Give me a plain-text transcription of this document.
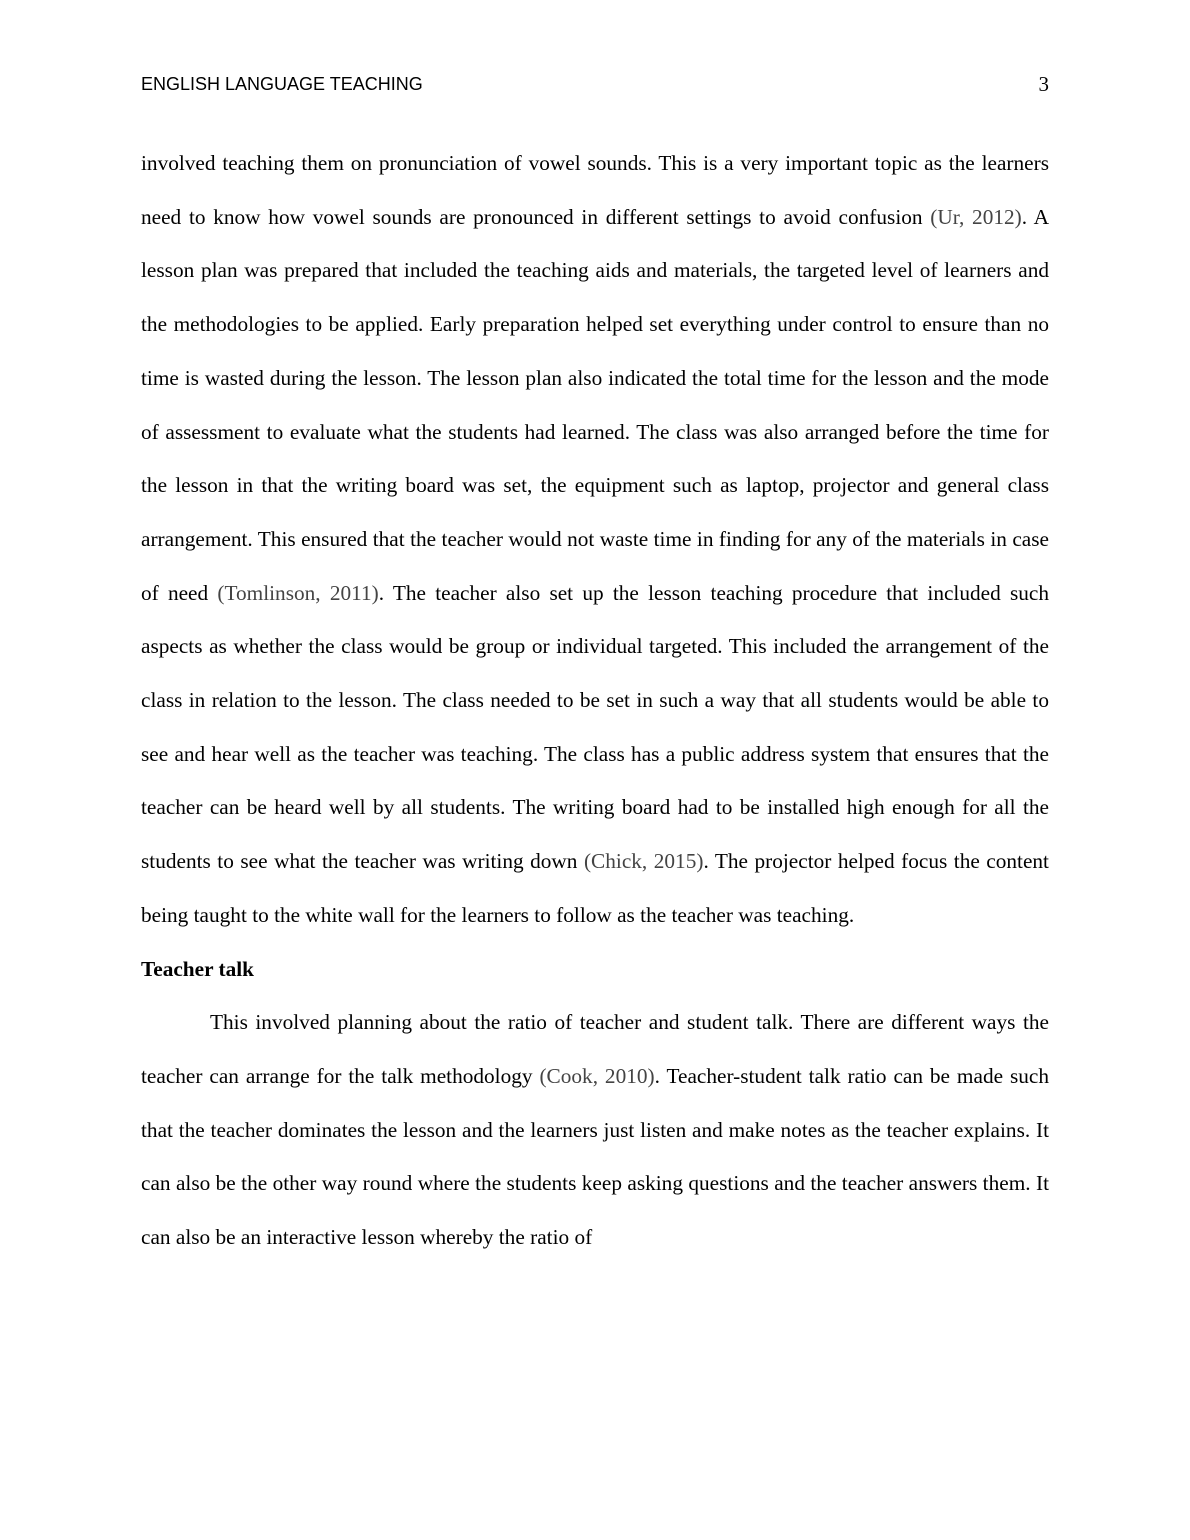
ENGLISH LANGUAGE TEACHING	3

involved teaching them on pronunciation of vowel sounds. This is a very important topic as the learners need to know how vowel sounds are pronounced in different settings to avoid confusion (Ur, 2012). A lesson plan was prepared that included the teaching aids and materials, the targeted level of learners and the methodologies to be applied. Early preparation helped set everything under control to ensure than no time is wasted during the lesson. The lesson plan also indicated the total time for the lesson and the mode of assessment to evaluate what the students had learned. The class was also arranged before the time for the lesson in that the writing board was set, the equipment such as laptop, projector and general class arrangement. This ensured that the teacher would not waste time in finding for any of the materials in case of need (Tomlinson, 2011). The teacher also set up the lesson teaching procedure that included such aspects as whether the class would be group or individual targeted. This included the arrangement of the class in relation to the lesson. The class needed to be set in such a way that all students would be able to see and hear well as the teacher was teaching. The class has a public address system that ensures that the teacher can be heard well by all students. The writing board had to be installed high enough for all the students to see what the teacher was writing down (Chick, 2015). The projector helped focus the content being taught to the white wall for the learners to follow as the teacher was teaching.

Teacher talk

This involved planning about the ratio of teacher and student talk. There are different ways the teacher can arrange for the talk methodology (Cook, 2010). Teacher-student talk ratio can be made such that the teacher dominates the lesson and the learners just listen and make notes as the teacher explains. It can also be the other way round where the students keep asking questions and the teacher answers them. It can also be an interactive lesson whereby the ratio of
